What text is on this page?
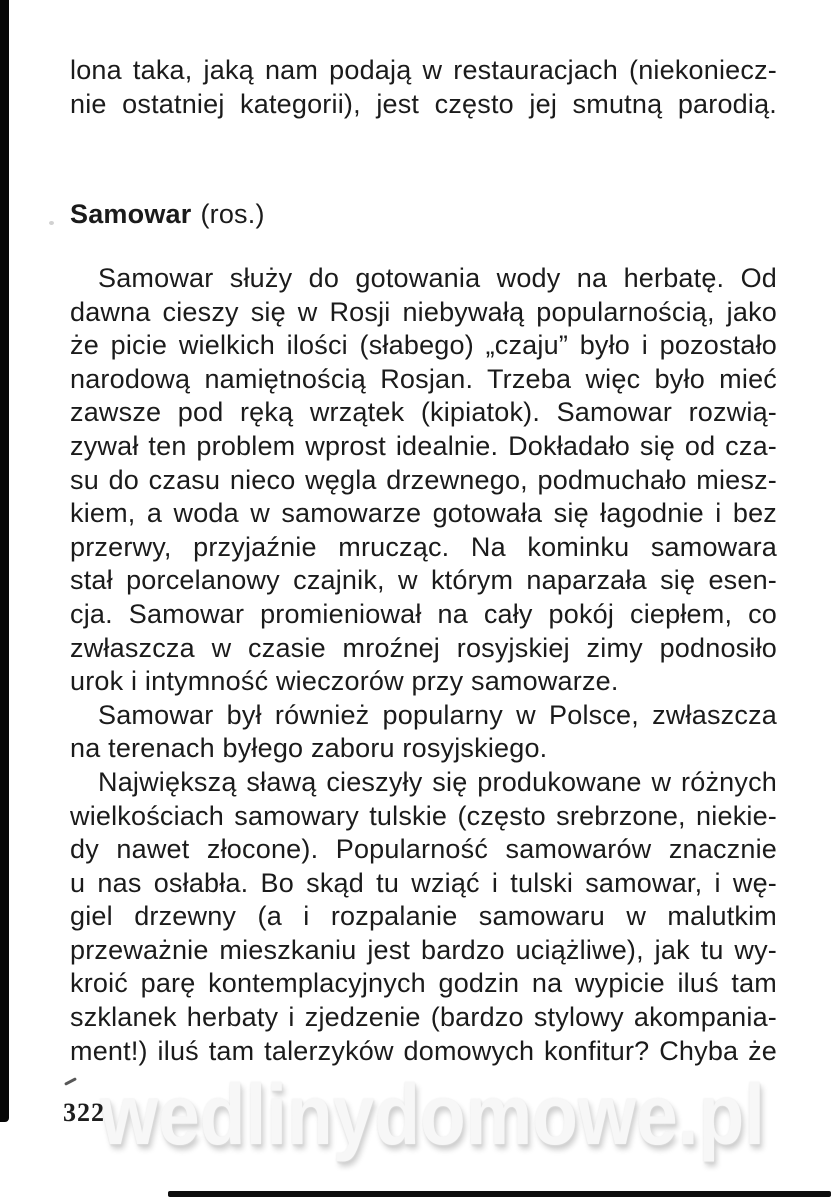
lona taka, jaką nam podają w restauracjach (niekoniecz-
nie ostatniej kategorii), jest często jej smutną parodią.
Samowar (ros.)
Samowar służy do gotowania wody na herbatę. Od
dawna cieszy się w Rosji niebywałą popularnością, jako
że picie wielkich ilości (słabego) „czaju” było i pozostało
narodową namiętnością Rosjan. Trzeba więc było mieć
zawsze pod ręką wrzątek (kipiatok). Samowar rozwią-
zywał ten problem wprost idealnie. Dokładało się od cza-
su do czasu nieco węgla drzewnego, podmuchało miesz-
kiem, a woda w samowarze gotowała się łagodnie i bez
przerwy, przyjaźnie mrucząc. Na kominku samowara
stał porcelanowy czajnik, w którym naparzała się esen-
cja. Samowar promieniował na cały pokój ciepłem, co
zwłaszcza w czasie mroźnej rosyjskiej zimy podnosiło
urok i intymność wieczorów przy samowarze.
Samowar był również popularny w Polsce, zwłaszcza
na terenach byłego zaboru rosyjskiego.
Największą sławą cieszyły się produkowane w różnych
wielkościach samowary tulskie (często srebrzone, niekie-
dy nawet złocone). Popularność samowarów znacznie
u nas osłabła. Bo skąd tu wziąć i tulski samowar, i wę-
giel drzewny (a i rozpalanie samowaru w malutkim
przeważnie mieszkaniu jest bardzo uciążliwe), jak tu wy-
kroić parę kontemplacyjnych godzin na wypicie iluś tam
szklanek herbaty i zjedzenie (bardzo stylowy akompania-
ment!) iluś tam talerzyków domowych konfitur? Chyba że
wedlinydomowe.pl
322
